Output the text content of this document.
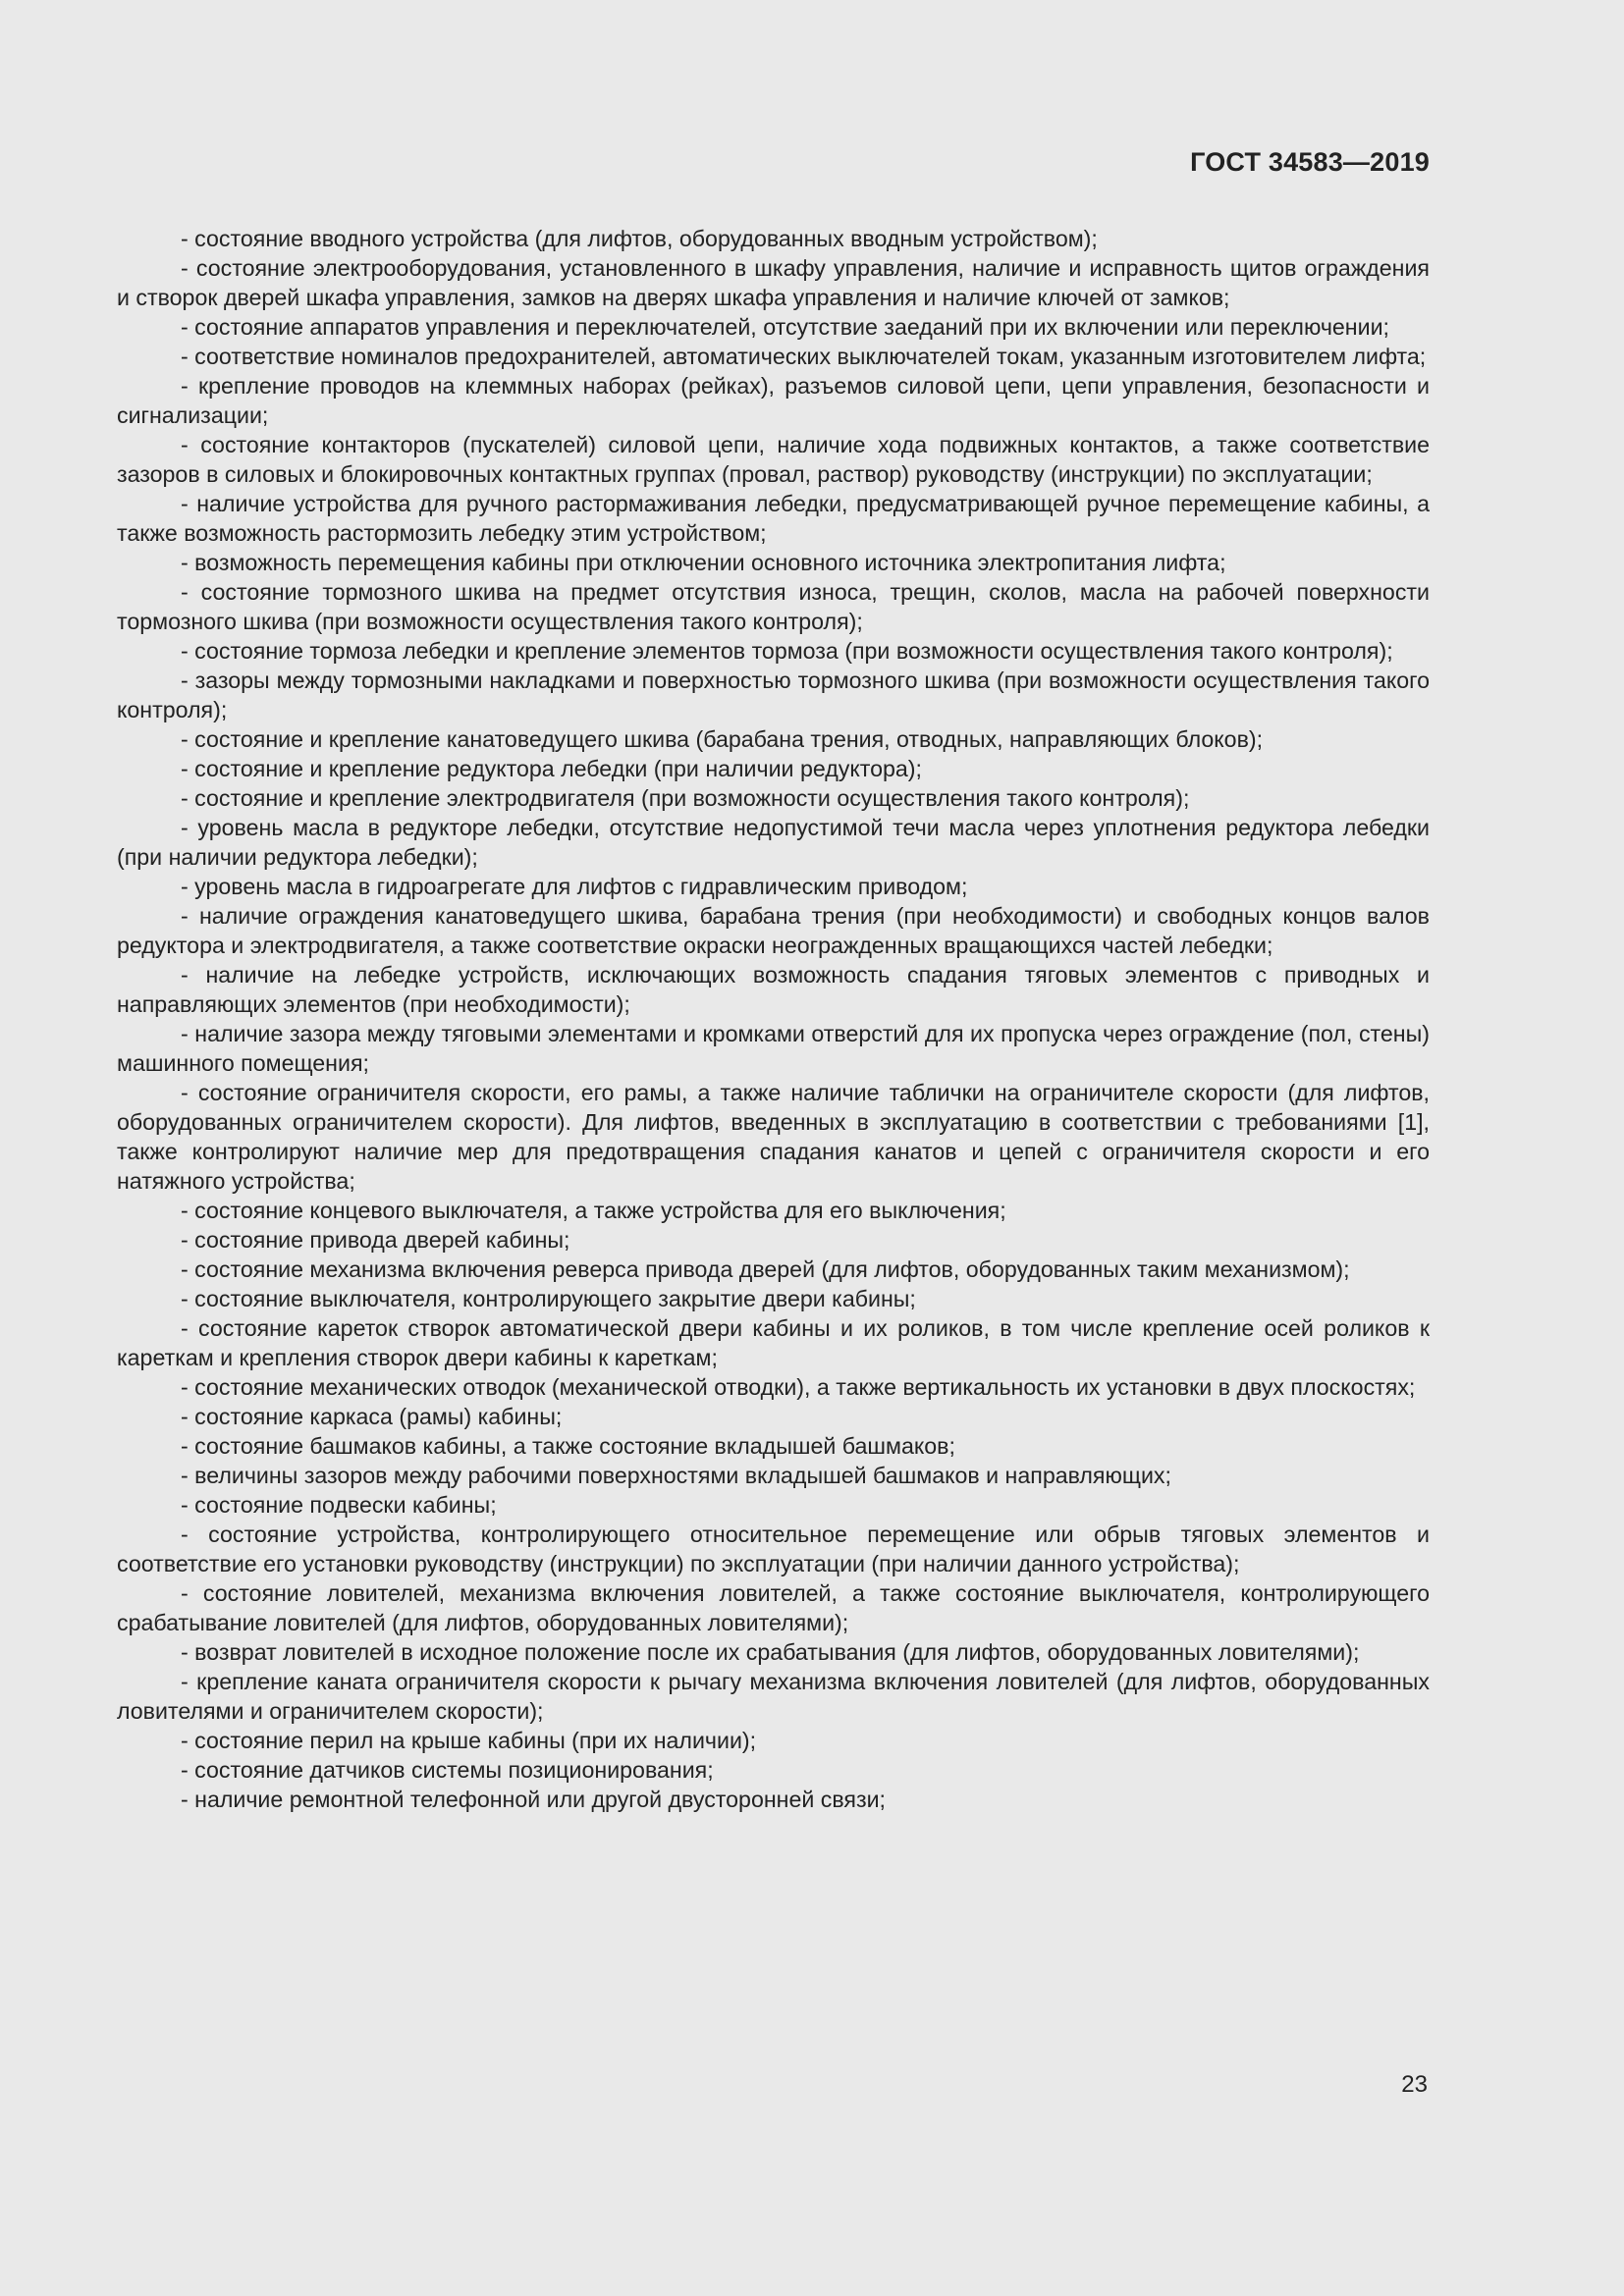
ГОСТ 34583—2019

- состояние вводного устройства (для лифтов, оборудованных вводным устройством);

- состояние электрооборудования, установленного в шкафу управления, наличие и исправность щитов ограждения и створок дверей шкафа управления, замков на дверях шкафа управления и наличие ключей от замков;

- состояние аппаратов управления и переключателей, отсутствие заеданий при их включении или переключении;

- соответствие номиналов предохранителей, автоматических выключателей токам, указанным изготовителем лифта;

- крепление проводов на клеммных наборах (рейках), разъемов силовой цепи, цепи управления, безопасности и сигнализации;

- состояние контакторов (пускателей) силовой цепи, наличие хода подвижных контактов, а также соответствие зазоров в силовых и блокировочных контактных группах (провал, раствор) руководству (инструкции) по эксплуатации;

- наличие устройства для ручного растормаживания лебедки, предусматривающей ручное перемещение кабины, а также возможность растормозить лебедку этим устройством;

- возможность перемещения кабины при отключении основного источника электропитания лифта;

- состояние тормозного шкива на предмет отсутствия износа, трещин, сколов, масла на рабочей поверхности тормозного шкива (при возможности осуществления такого контроля);

- состояние тормоза лебедки и крепление элементов тормоза (при возможности осуществления такого контроля);

- зазоры между тормозными накладками и поверхностью тормозного шкива (при возможности осуществления такого контроля);

- состояние и крепление канатоведущего шкива (барабана трения, отводных, направляющих блоков);

- состояние и крепление редуктора лебедки (при наличии редуктора);

- состояние и крепление электродвигателя (при возможности осуществления такого контроля);

- уровень масла в редукторе лебедки, отсутствие недопустимой течи масла через уплотнения редуктора лебедки (при наличии редуктора лебедки);

- уровень масла в гидроагрегате для лифтов с гидравлическим приводом;

- наличие ограждения канатоведущего шкива, барабана трения (при необходимости) и свободных концов валов редуктора и электродвигателя, а также соответствие окраски неогражденных вращающихся частей лебедки;

- наличие на лебедке устройств, исключающих возможность спадания тяговых элементов с приводных и направляющих элементов (при необходимости);

- наличие зазора между тяговыми элементами и кромками отверстий для их пропуска через ограждение (пол, стены) машинного помещения;

- состояние ограничителя скорости, его рамы, а также наличие таблички на ограничителе скорости (для лифтов, оборудованных ограничителем скорости). Для лифтов, введенных в эксплуатацию в соответствии с требованиями [1], также контролируют наличие мер для предотвращения спадания канатов и цепей с ограничителя скорости и его натяжного устройства;

- состояние концевого выключателя, а также устройства для его выключения;

- состояние привода дверей кабины;

- состояние механизма включения реверса привода дверей (для лифтов, оборудованных таким механизмом);

- состояние выключателя, контролирующего закрытие двери кабины;

- состояние кареток створок автоматической двери кабины и их роликов, в том числе крепление осей роликов к кареткам и крепления створок двери кабины к кареткам;

- состояние механических отводок (механической отводки), а также вертикальность их установки в двух плоскостях;

- состояние каркаса (рамы) кабины;

- состояние башмаков кабины, а также состояние вкладышей башмаков;

- величины зазоров между рабочими поверхностями вкладышей башмаков и направляющих;

- состояние подвески кабины;

- состояние устройства, контролирующего относительное перемещение или обрыв тяговых элементов и соответствие его установки руководству (инструкции) по эксплуатации (при наличии данного устройства);

- состояние ловителей, механизма включения ловителей, а также состояние выключателя, контролирующего срабатывание ловителей (для лифтов, оборудованных ловителями);

- возврат ловителей в исходное положение после их срабатывания (для лифтов, оборудованных ловителями);

- крепление каната ограничителя скорости к рычагу механизма включения ловителей (для лифтов, оборудованных ловителями и ограничителем скорости);

- состояние перил на крыше кабины (при их наличии);

- состояние датчиков системы позиционирования;

- наличие ремонтной телефонной или другой двусторонней связи;

23
